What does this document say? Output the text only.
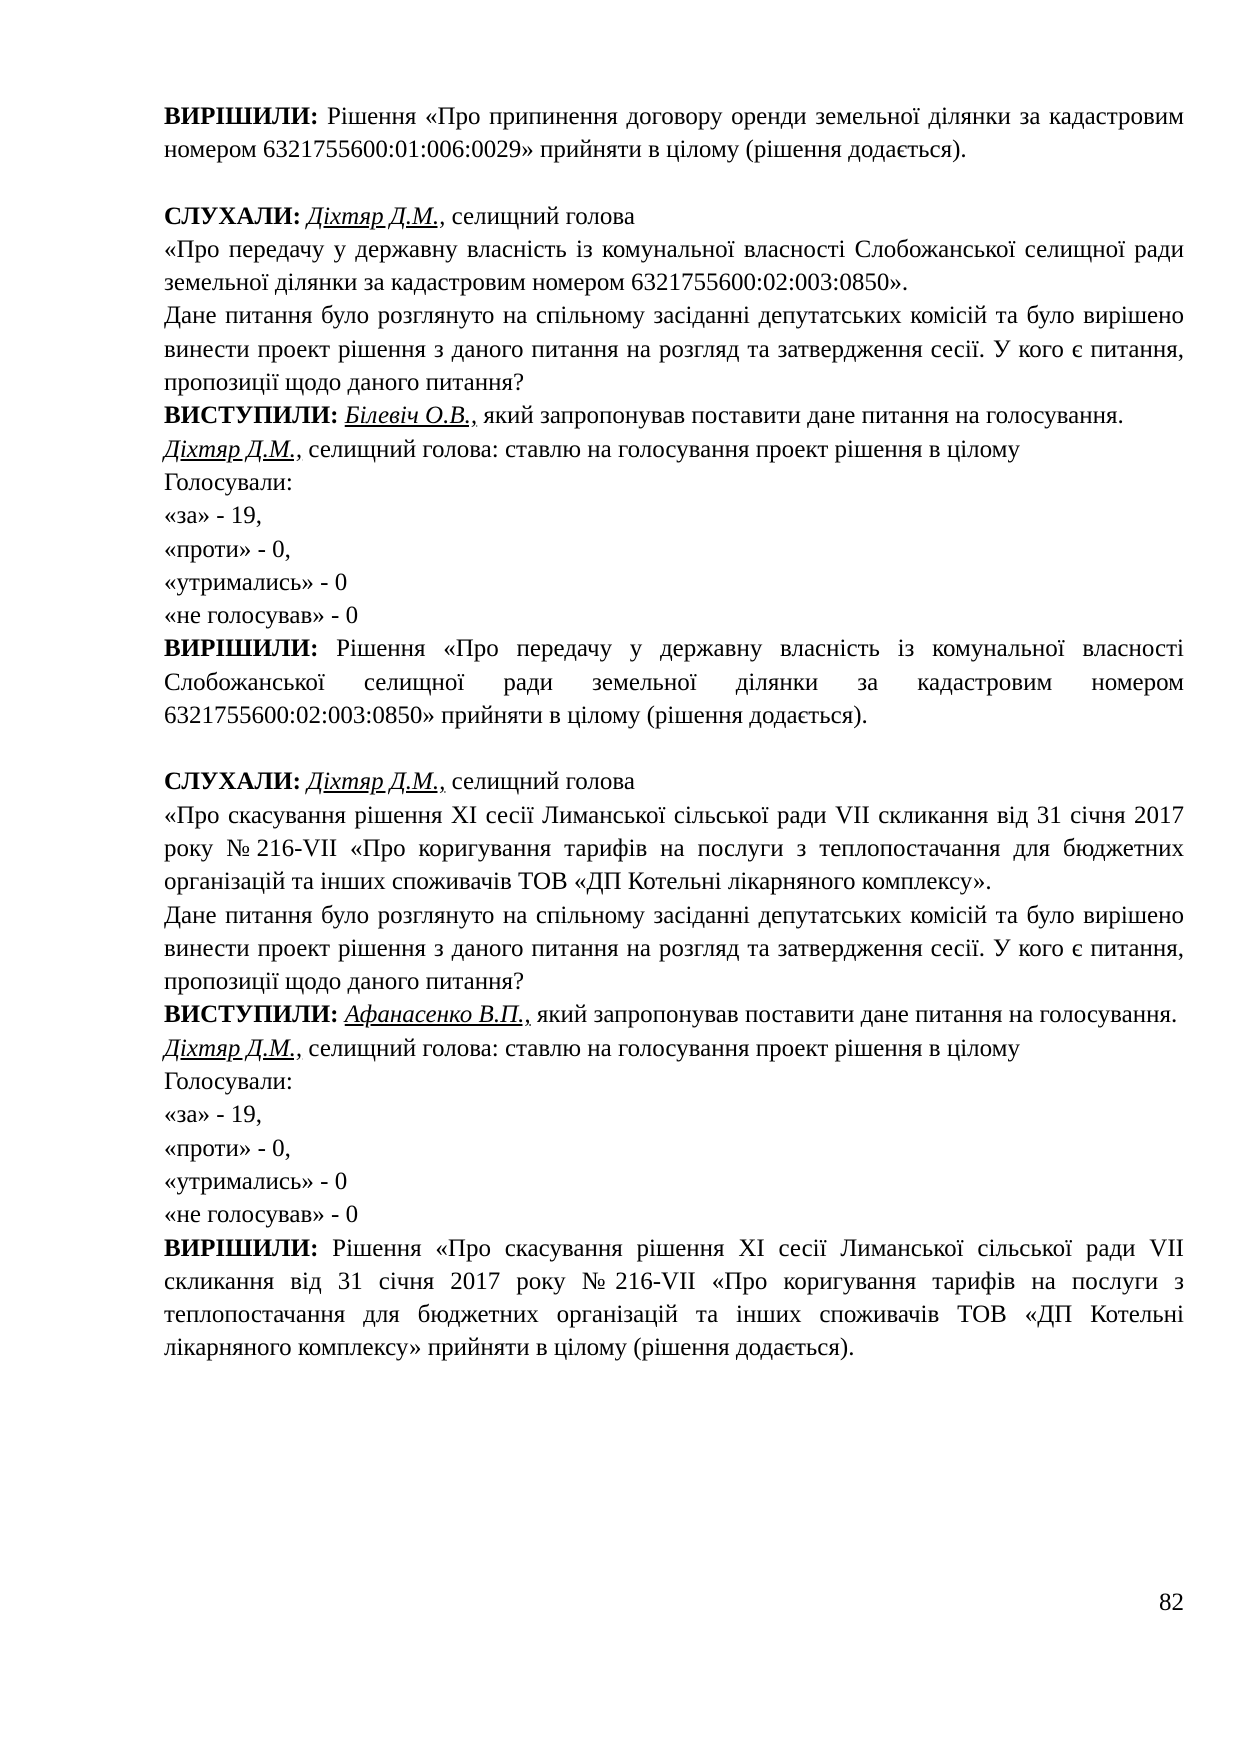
ВИРІШИЛИ: Рішення «Про припинення договору оренди земельної ділянки за кадастровим номером 6321755600:01:006:0029» прийняти в цілому (рішення додається).

СЛУХАЛИ: Діхтяр Д.М., селищний голова

«Про передачу у державну власність із комунальної власності Слобожанської селищної ради земельної ділянки за кадастровим номером 6321755600:02:003:0850».

Дане питання було розглянуто на спільному засіданні депутатських комісій та було вирішено винести проект рішення з даного питання на розгляд та затвердження сесії. У кого є питання, пропозиції щодо даного питання?

ВИСТУПИЛИ: Білевіч О.В., який запропонував поставити дане питання на голосування.

Діхтяр Д.М., селищний голова: ставлю на голосування проект рішення в цілому

Голосували:

«за» - 19,

«проти» - 0,

«утримались» - 0

«не голосував» - 0

ВИРІШИЛИ: Рішення «Про передачу у державну власність із комунальної власності Слобожанської селищної ради земельної ділянки за кадастровим номером 6321755600:02:003:0850» прийняти в цілому (рішення додається).

СЛУХАЛИ: Діхтяр Д.М., селищний голова

«Про скасування рішення ХІ сесії Лиманської сільської ради VII скликання від 31 січня 2017 року №216-VII «Про коригування тарифів на послуги з теплопостачання для бюджетних організацій та інших споживачів ТОВ «ДП Котельні лікарняного комплексу».

Дане питання було розглянуто на спільному засіданні депутатських комісій та було вирішено винести проект рішення з даного питання на розгляд та затвердження сесії. У кого є питання, пропозиції щодо даного питання?

ВИСТУПИЛИ: Афанасенко В.П., який запропонував поставити дане питання на голосування.

Діхтяр Д.М., селищний голова: ставлю на голосування проект рішення в цілому

Голосували:

«за» - 19,

«проти» - 0,

«утримались» - 0

«не голосував» - 0

ВИРІШИЛИ: Рішення «Про скасування рішення ХІ сесії Лиманської сільської ради VII скликання від 31 січня 2017 року №216-VII «Про коригування тарифів на послуги з теплопостачання для бюджетних організацій та інших споживачів ТОВ «ДП Котельні лікарняного комплексу» прийняти в цілому (рішення додається).

82
